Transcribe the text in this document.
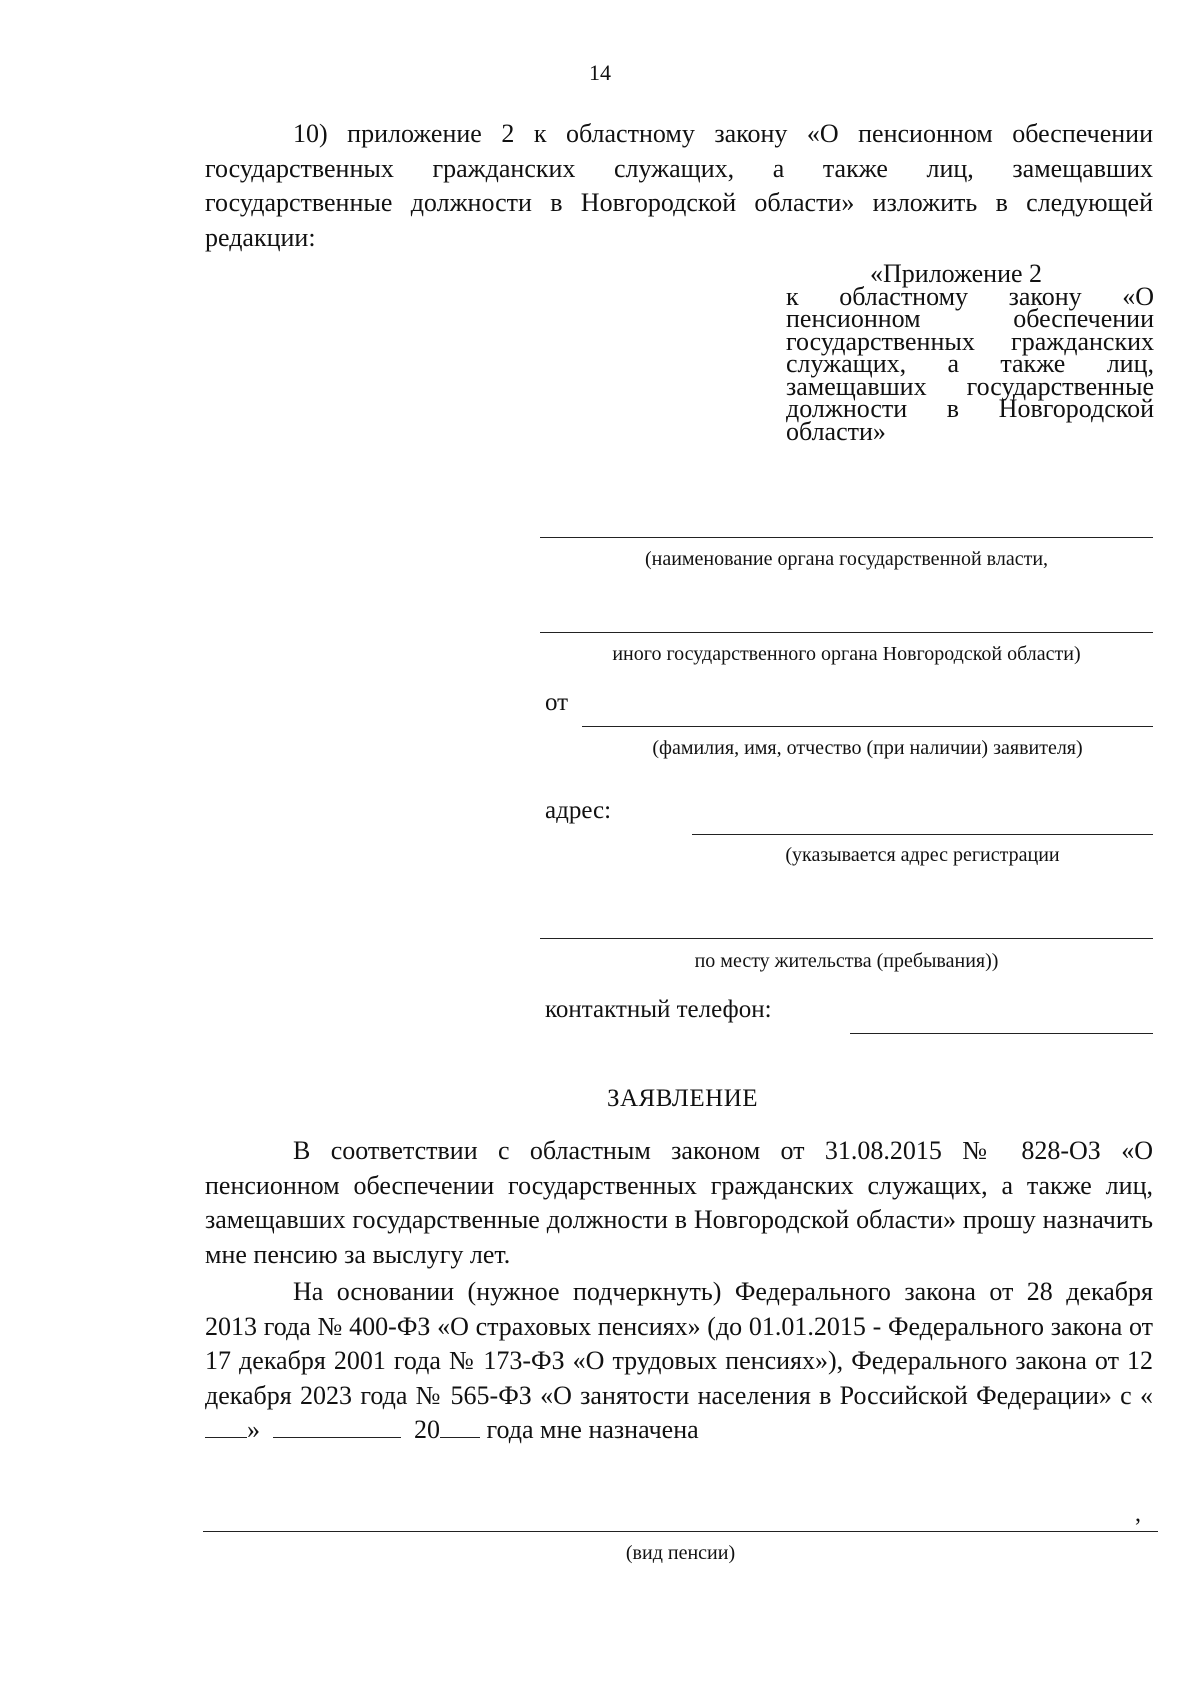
14

10) приложение 2 к областному закону «О пенсионном обеспечении государственных гражданских служащих, а также лиц, замещавших государственные должности в Новгородской области» изложить в следующей редакции:

«Приложение 2
к областному закону «О пенсионном обеспечении государственных гражданских служащих, а также лиц, замещавших государственные должности в Новгородской области»
(наименование органа государственной власти,
иного государственного органа Новгородской области)
от
(фамилия, имя, отчество (при наличии) заявителя)
адрес:
(указывается адрес регистрации
по месту жительства (пребывания))
контактный телефон:
ЗАЯВЛЕНИЕ

В соответствии с областным законом от 31.08.2015 № 828-ОЗ «О пенсионном обеспечении государственных гражданских служащих, а также лиц, замещавших государственные должности в Новгородской области» прошу назначить мне пенсию за выслугу лет.

На основании (нужное подчеркнуть) Федерального закона от 28 декабря 2013 года № 400-ФЗ «О страховых пенсиях» (до 01.01.2015 - Федерального закона от 17 декабря 2001 года № 173-ФЗ «О трудовых пенсиях»), Федерального закона от 12 декабря 2023 года № 565-ФЗ «О занятости населения в Российской Федерации» с «»	20 года мне назначена

,
(вид пенсии)
